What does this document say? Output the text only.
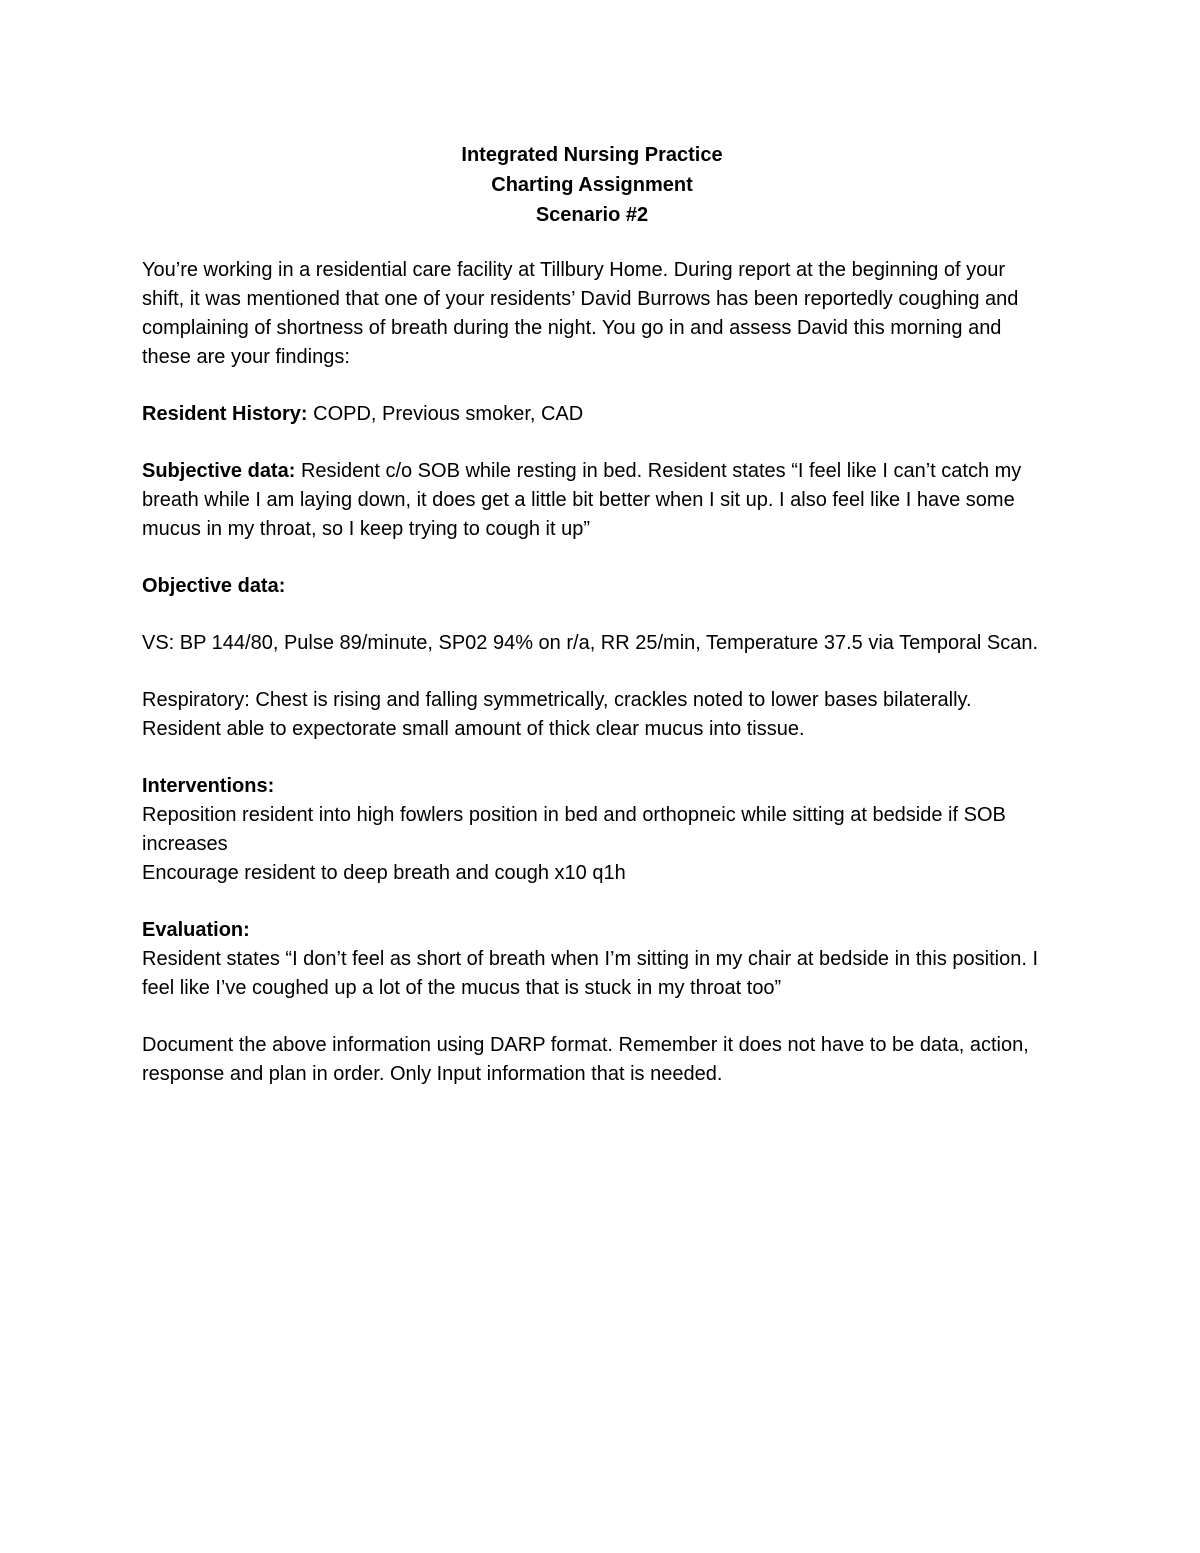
Integrated Nursing Practice
Charting Assignment
Scenario #2

You’re working in a residential care facility at Tillbury Home. During report at the beginning of your shift, it was mentioned that one of your residents’ David Burrows has been reportedly coughing and complaining of shortness of breath during the night. You go in and assess David this morning and these are your findings:

Resident History: COPD, Previous smoker, CAD

Subjective data: Resident c/o SOB while resting in bed. Resident states “I feel like I can’t catch my breath while I am laying down, it does get a little bit better when I sit up. I also feel like I have some mucus in my throat, so I keep trying to cough it up”

Objective data:

VS: BP 144/80, Pulse 89/minute, SP02 94% on r/a, RR 25/min, Temperature 37.5 via Temporal Scan.

Respiratory: Chest is rising and falling symmetrically, crackles noted to lower bases bilaterally. Resident able to expectorate small amount of thick clear mucus into tissue.

Interventions:
Reposition resident into high fowlers position in bed and orthopneic while sitting at bedside if SOB increases
Encourage resident to deep breath and cough x10 q1h

Evaluation:
Resident states “I don’t feel as short of breath when I’m sitting in my chair at bedside in this position. I feel like I’ve coughed up a lot of the mucus that is stuck in my throat too”

Document the above information using DARP format. Remember it does not have to be data, action, response and plan in order. Only Input information that is needed.
